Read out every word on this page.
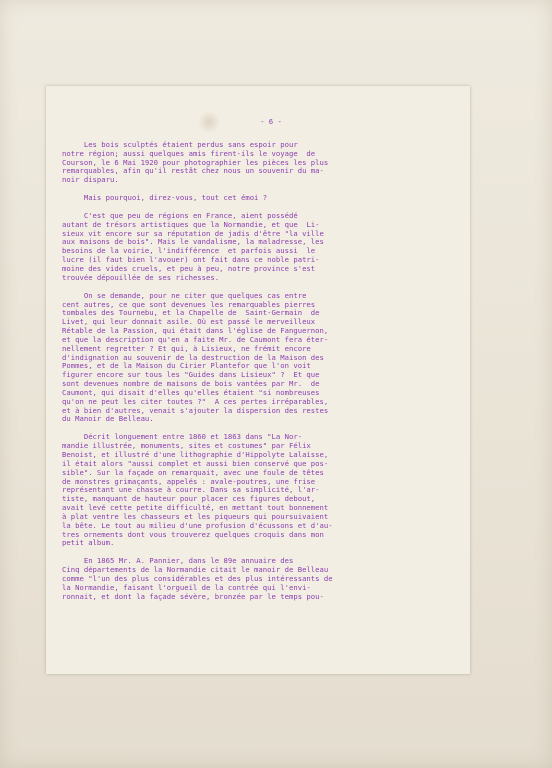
- 6 -
Les bois sculptés étaient perdus sans espoir pour
notre région; aussi quelques amis firent-ils le voyage  de
Courson, le 6 Mai 1920 pour photographier les pièces les plus
remarquables, afin qu'il restât chez nous un souvenir du ma-
noir disparu.
Mais pourquoi, direz-vous, tout cet émoi ?
C'est que peu de régions en France, aient possédé
autant de trésors artistiques que la Normandie, et que  Li-
sieux vit encore sur sa réputation de jadis d'être "la ville
aux maisons de bois". Mais le vandalisme, la maladresse, les
besoins de la voirie, l'indifférence  et parfois aussi  le
lucre (il faut bien l'avouer) ont fait dans ce noble patri-
moine des vides cruels, et peu à peu, notre province s'est
trouvée dépouillée de ses richesses.
On se demande, pour ne citer que quelques cas entre
cent autres, ce que sont devenues les remarquables pierres
tombales des Tournebu, et la Chapelle de  Saint-Germain  de
Livet, qui leur donnait asile. Où est passé le merveilleux
Rétable de la Passion, qui était dans l'église de Fanguernon,
et que la description qu'en a faite Mr. de Caumont fera éter-
nellement regretter ? Et qui, à Lisieux, ne frémit encore
d'indignation au souvenir de la destruction de la Maison des
Pommes, et de la Maison du Cirier Plantefor que l'on voit
figurer encore sur tous les "Guides dans Lisieux" ?  Et que
sont devenues nombre de maisons de bois vantées par Mr.  de
Caumont, qui disait d'elles qu'elles étaient "si nombreuses
qu'on ne peut les citer toutes ?"  A ces pertes irréparables,
et à bien d'autres, venait s'ajouter la dispersion des restes
du Manoir de Belleau.
Décrit longuement entre 1860 et 1863 dans "La Nor-
mandie illustrée, monuments, sites et costumes" par Félix
Benoist, et illustré d'une lithographie d'Hippolyte Lalaisse,
il était alors "aussi complet et aussi bien conservé que pos-
sible". Sur la façade on remarquait, avec une foule de têtes
de monstres grimaçants, appelés : avale-poutres, une frise
représentant une chasse à courre. Dans sa simplicité, l'ar-
tiste, manquant de hauteur pour placer ces figures debout,
avait levé cette petite difficulté, en mettant tout bonnement
à plat ventre les chasseurs et les piqueurs qui poursuivaient
la bête. Le tout au milieu d'une profusion d'écussons et d'au-
tres ornements dont vous trouverez quelques croquis dans mon
petit album.
En 1865 Mr. A. Pannier, dans le 89e annuaire des
Cinq départements de la Normandie citait le manoir de Belleau
comme "l'un des plus considérables et des plus intéressants de
la Normandie, faisant l'orgueil de la contrée qui l'envi-
ronnait, et dont la façade sévère, bronzée par le temps pou-
